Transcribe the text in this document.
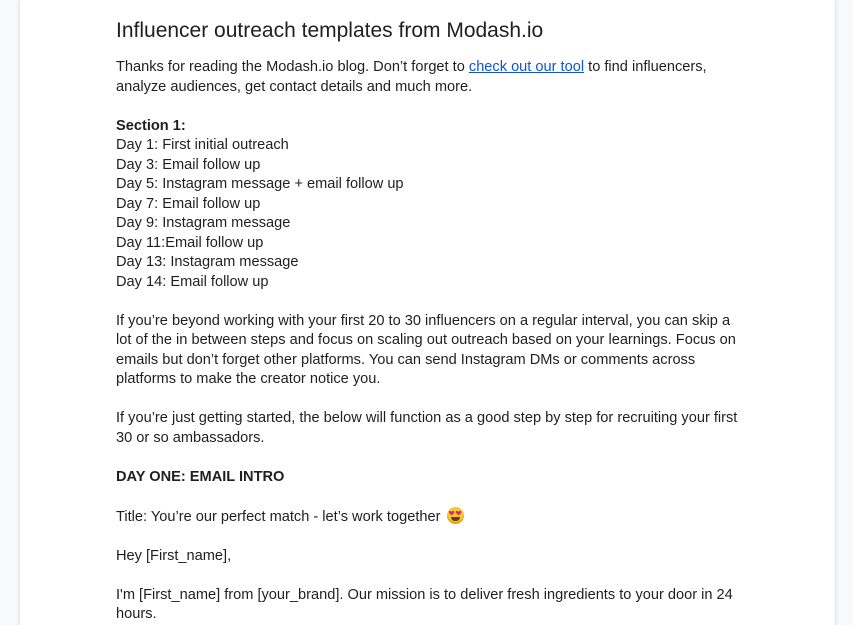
Influencer outreach templates from Modash.io

Thanks for reading the Modash.io blog. Don’t forget to check out our tool to find influencers, analyze audiences, get contact details and much more.

Section 1:

Day 1: First initial outreach

Day 3: Email follow up

Day 5: Instagram message + email follow up

Day 7: Email follow up

Day 9: Instagram message

Day 11:Email follow up

Day 13: Instagram message

Day 14: Email follow up

If you’re beyond working with your first 20 to 30 influencers on a regular interval, you can skip a lot of the in between steps and focus on scaling out outreach based on your learnings. Focus on emails but don’t forget other platforms. You can send Instagram DMs or comments across platforms to make the creator notice you.

If you’re just getting started, the below will function as a good step by step for recruiting your first 30 or so ambassadors.

DAY ONE: EMAIL INTRO

Title: You’re our perfect match - let’s work together

Hey [First_name],

I'm [First_name] from [your_brand]. Our mission is to deliver fresh ingredients to your door in 24 hours.
